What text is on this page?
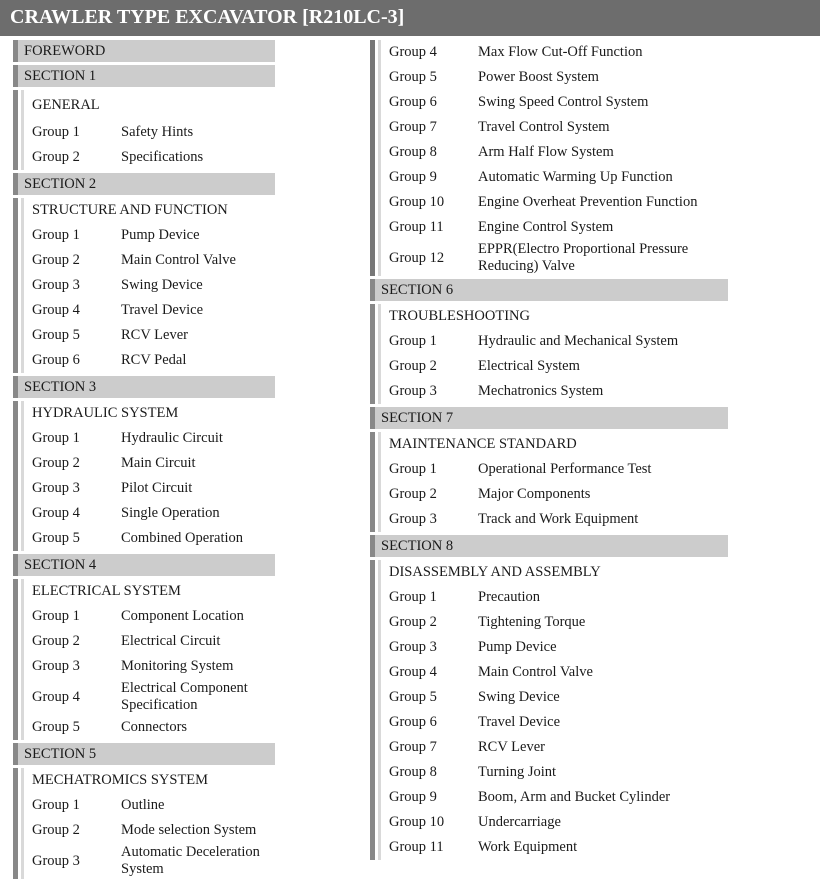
CRAWLER TYPE EXCAVATOR [R210LC-3]
FOREWORD
SECTION 1
GENERAL
Group 1	Safety Hints
Group 2	Specifications
SECTION 2
STRUCTURE AND FUNCTION
Group 1	Pump Device
Group 2	Main Control Valve
Group 3	Swing Device
Group 4	Travel Device
Group 5	RCV Lever
Group 6	RCV Pedal
SECTION 3
HYDRAULIC SYSTEM
Group 1	Hydraulic Circuit
Group 2	Main Circuit
Group 3	Pilot Circuit
Group 4	Single Operation
Group 5	Combined Operation
SECTION 4
ELECTRICAL SYSTEM
Group 1	Component Location
Group 2	Electrical Circuit
Group 3	Monitoring System
Group 4
Electrical Component Specification
Group 5	Connectors
SECTION 5
MECHATROMICS SYSTEM
Group 1	Outline
Group 2	Mode selection System
Group 3
Automatic Deceleration System
Group 4	Max Flow Cut-Off Function
Group 5	Power Boost System
Group 6	Swing Speed Control System
Group 7	Travel Control System
Group 8	Arm Half Flow System
Group 9	Automatic Warming Up Function
Group 10	Engine Overheat Prevention Function
Group 11	Engine Control System
Group 12
EPPR(Electro Proportional Pressure Reducing) Valve
SECTION 6
TROUBLESHOOTING
Group 1	Hydraulic and Mechanical System
Group 2	Electrical System
Group 3	Mechatronics System
SECTION 7
MAINTENANCE STANDARD
Group 1	Operational Performance Test
Group 2	Major Components
Group 3	Track and Work Equipment
SECTION 8
DISASSEMBLY AND ASSEMBLY
Group 1	Precaution
Group 2	Tightening Torque
Group 3	Pump Device
Group 4	Main Control Valve
Group 5	Swing Device
Group 6	Travel Device
Group 7	RCV Lever
Group 8	Turning Joint
Group 9	Boom, Arm and Bucket Cylinder
Group 10	Undercarriage
Group 11	Work Equipment
